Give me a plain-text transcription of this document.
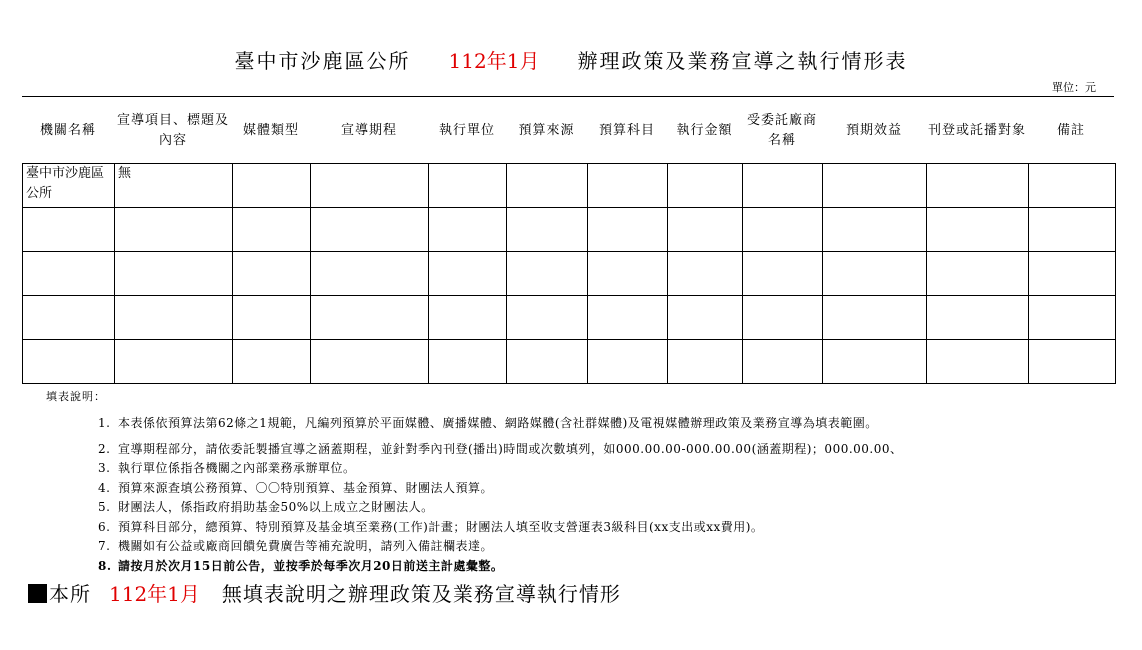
臺中市沙鹿區公所 112年1月 辦理政策及業務宣導之執行情形表
單位：元
機關名稱	宣導項目、標題及內容	媒體類型	宣導期程	執行單位	預算來源	預算科目	執行金額	受委託廠商名稱	預期效益	刊登或託播對象	備註
臺中市沙鹿區公所	無										

填表說明：
1. 本表係依預算法第62條之1規範，凡編列預算於平面媒體、廣播媒體、網路媒體(含社群媒體)及電視媒體辦理政策及業務宣導為填表範圍。
2. 宣導期程部分，請依委託製播宣導之涵蓋期程，並針對季內刊登(播出)時間或次數填列，如000.00.00-000.00.00(涵蓋期程)；000.00.00、
3. 執行單位係指各機關之內部業務承辦單位。
4. 預算來源查填公務預算、〇〇特別預算、基金預算、財團法人預算。
5. 財團法人，係指政府捐助基金50%以上成立之財團法人。
6. 預算科目部分，總預算、特別預算及基金填至業務(工作)計畫；財團法人填至收支營運表3級科目(xx支出或xx費用)。
7. 機關如有公益或廠商回饋免費廣告等補充說明，請列入備註欄表達。
8. 請按月於次月15日前公告，並按季於每季次月20日前送主計處彙整。
本所 112年1月 無填表說明之辦理政策及業務宣導執行情形
